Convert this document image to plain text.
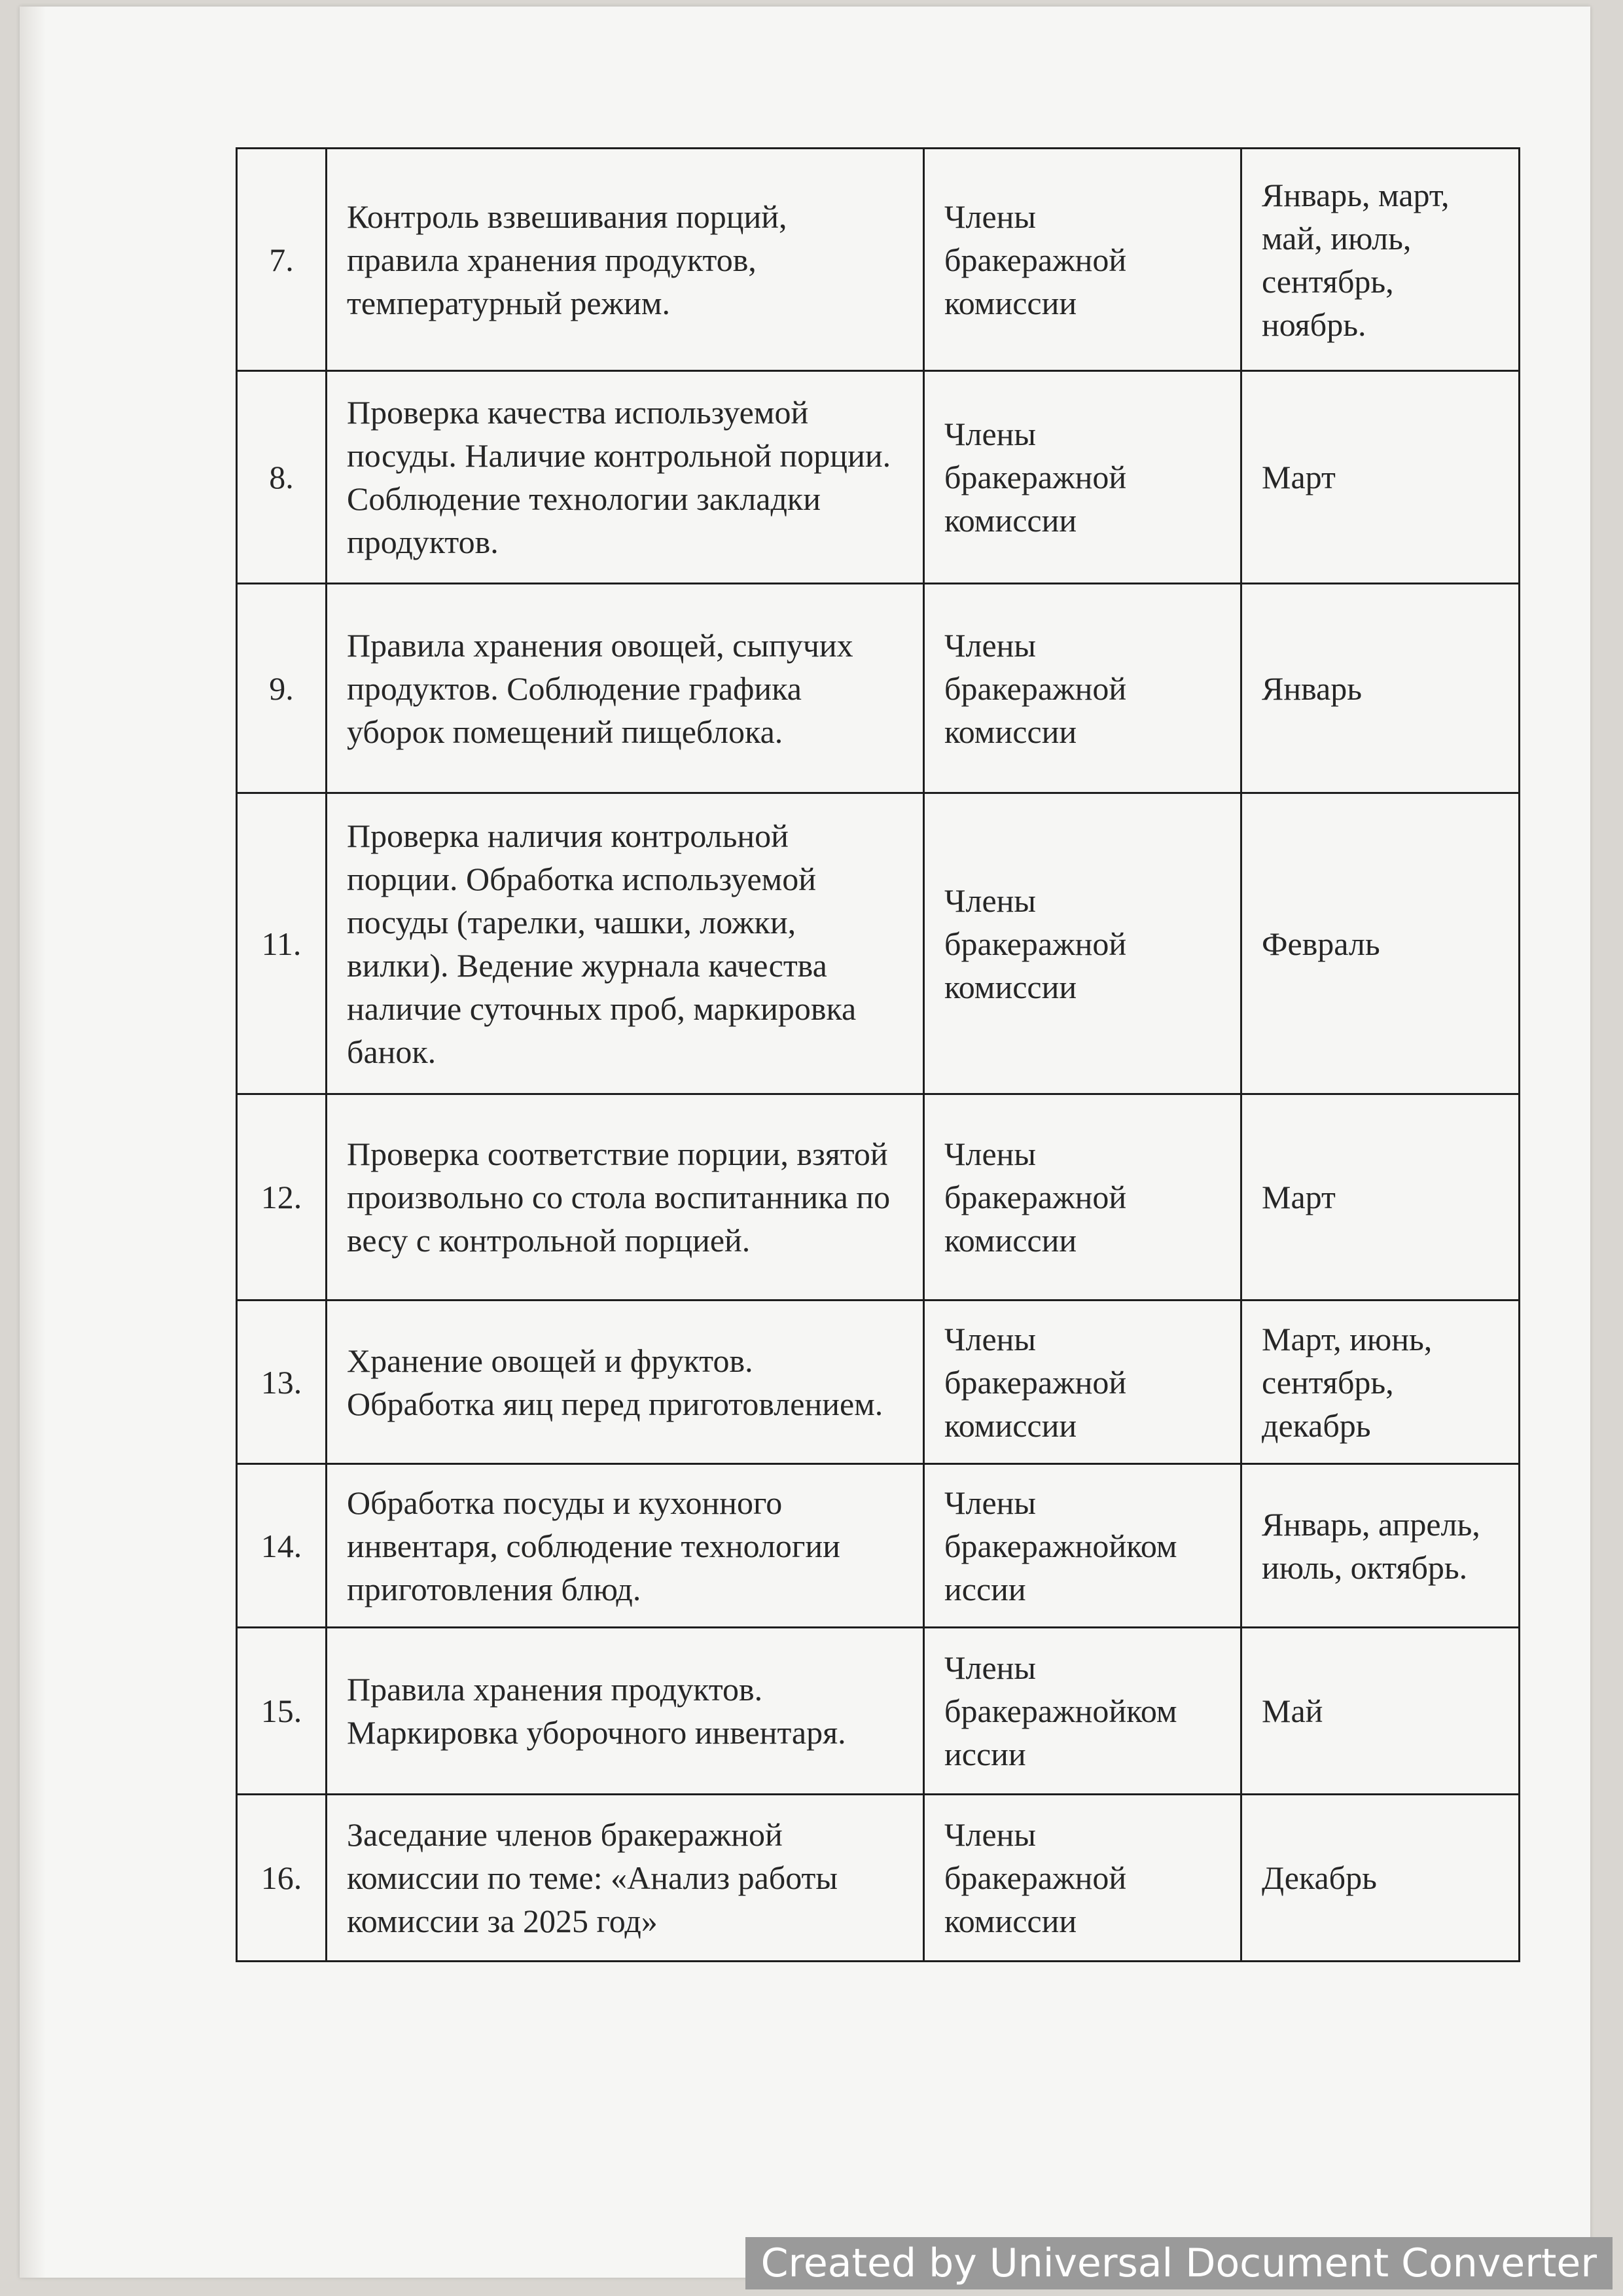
7.	Контроль взвешивания порций, правила хранения продуктов, температурный режим.	Члены бракеражной комиссии	Январь, март, май, июль, сентябрь, ноябрь.
8.	Проверка качества используемой посуды. Наличие контрольной порции. Соблюдение технологии закладки продуктов.	Члены бракеражной комиссии	Март
9.	Правила хранения овощей, сыпучих продуктов. Соблюдение графика уборок помещений пищеблока.	Члены бракеражной комиссии	Январь
11.	Проверка наличия контрольной порции. Обработка используемой посуды (тарелки, чашки, ложки, вилки). Ведение журнала качества наличие суточных проб, маркировка банок.	Члены бракеражной комиссии	Февраль
12.	Проверка соответствие порции, взятой произвольно со стола воспитанника по весу с контрольной порцией.	Члены бракеражной комиссии	Март
13.	Хранение овощей и фруктов. Обработка яиц перед приготовлением.	Члены бракеражной комиссии	Март, июнь, сентябрь, декабрь
14.	Обработка посуды и кухонного инвентаря, соблюдение технологии приготовления блюд.	Члены бракеражнойком иссии	Январь, апрель, июль, октябрь.
15.	Правила хранения продуктов. Маркировка уборочного инвентаря.	Члены бракеражнойком иссии	Май
16.	Заседание членов бракеражной комиссии по теме: «Анализ работы комиссии за 2025 год»	Члены бракеражной комиссии	Декабрь
Created by Universal Document Converter
